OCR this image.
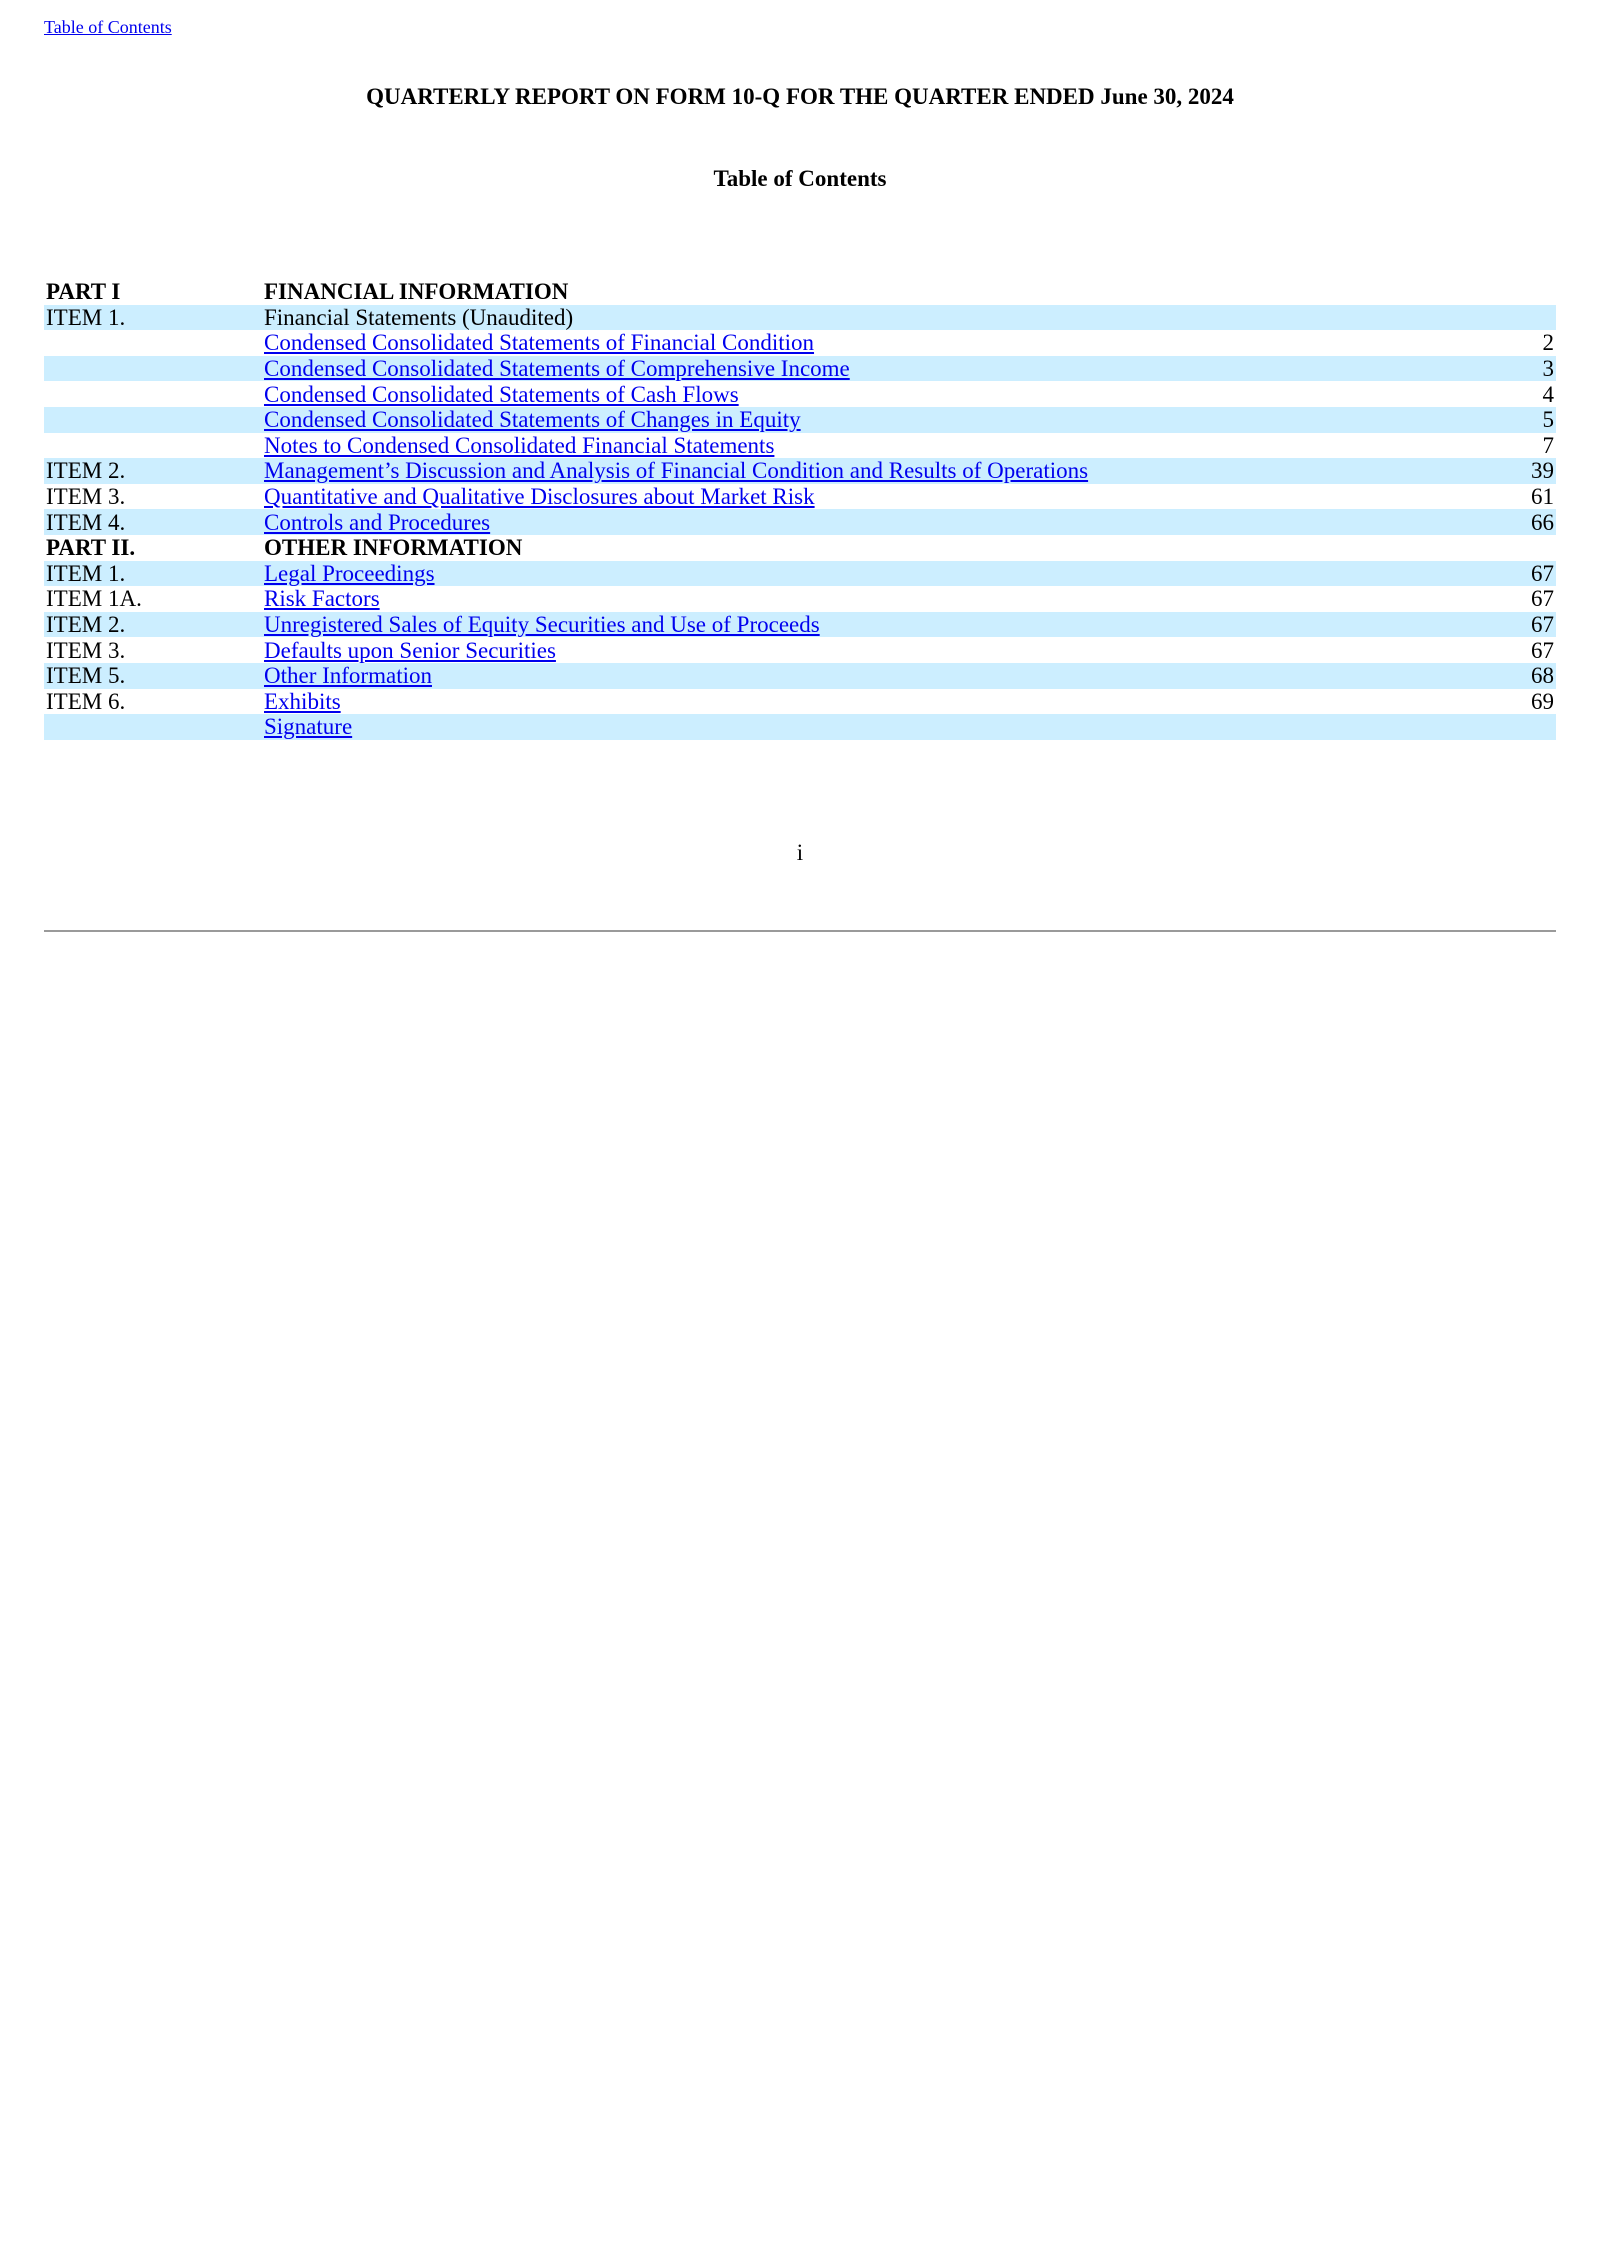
Table of Contents
QUARTERLY REPORT ON FORM 10-Q FOR THE QUARTER ENDED June 30, 2024
Table of Contents
PART I	FINANCIAL INFORMATION
ITEM 1.	Financial Statements (Unaudited)
Condensed Consolidated Statements of Financial Condition	2
Condensed Consolidated Statements of Comprehensive Income	3
Condensed Consolidated Statements of Cash Flows	4
Condensed Consolidated Statements of Changes in Equity	5
Notes to Condensed Consolidated Financial Statements	7
ITEM 2.	Management’s Discussion and Analysis of Financial Condition and Results of Operations	39
ITEM 3.	Quantitative and Qualitative Disclosures about Market Risk	61
ITEM 4.	Controls and Procedures	66
PART II.	OTHER INFORMATION
ITEM 1.	Legal Proceedings	67
ITEM 1A.	Risk Factors	67
ITEM 2.	Unregistered Sales of Equity Securities and Use of Proceeds	67
ITEM 3.	Defaults upon Senior Securities	67
ITEM 5.	Other Information	68
ITEM 6.	Exhibits	69
Signature
i
